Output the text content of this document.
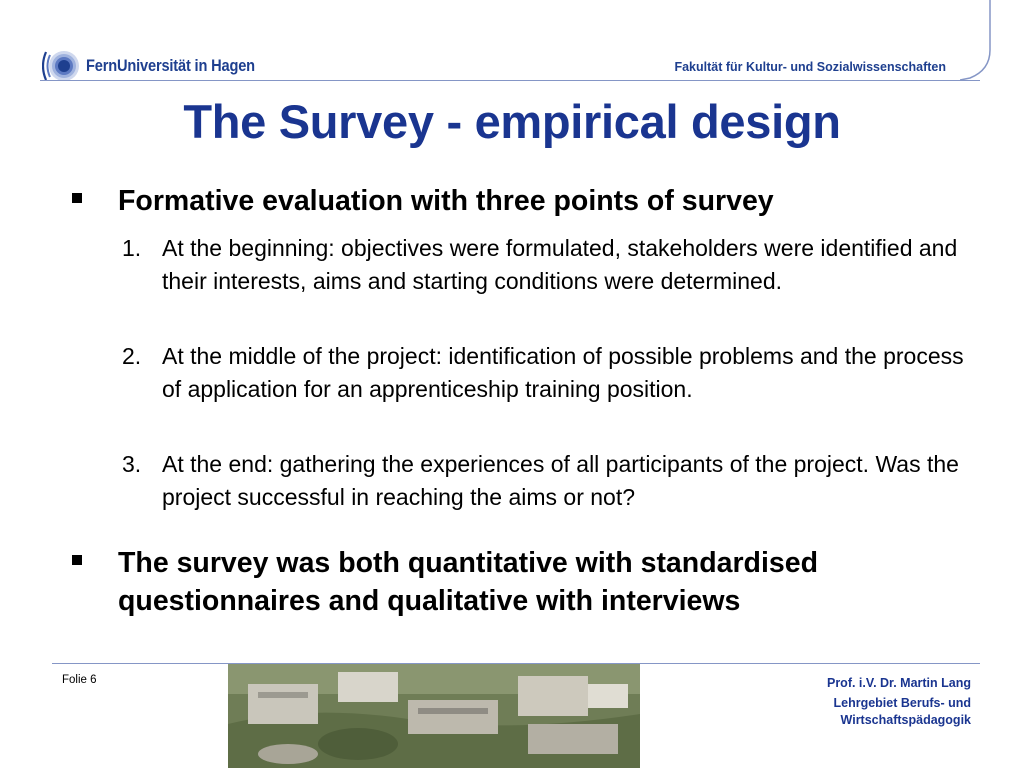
FernUniversität in Hagen	Fakultät für Kultur- und Sozialwissenschaften
The Survey - empirical design
Formative evaluation with three points of survey
1. At the beginning: objectives were formulated, stakeholders were identified and their interests, aims and starting conditions were determined.
2. At the middle of the project: identification of possible problems and the process of application for an apprenticeship training position.
3. At the end: gathering the experiences of all participants of the project. Was the project successful in reaching the aims or not?
The survey was both quantitative with standardised questionnaires and qualitative with interviews
Folie 6	Prof. i.V. Dr. Martin Lang
Lehrgebiet Berufs- und
Wirtschaftspädagogik
